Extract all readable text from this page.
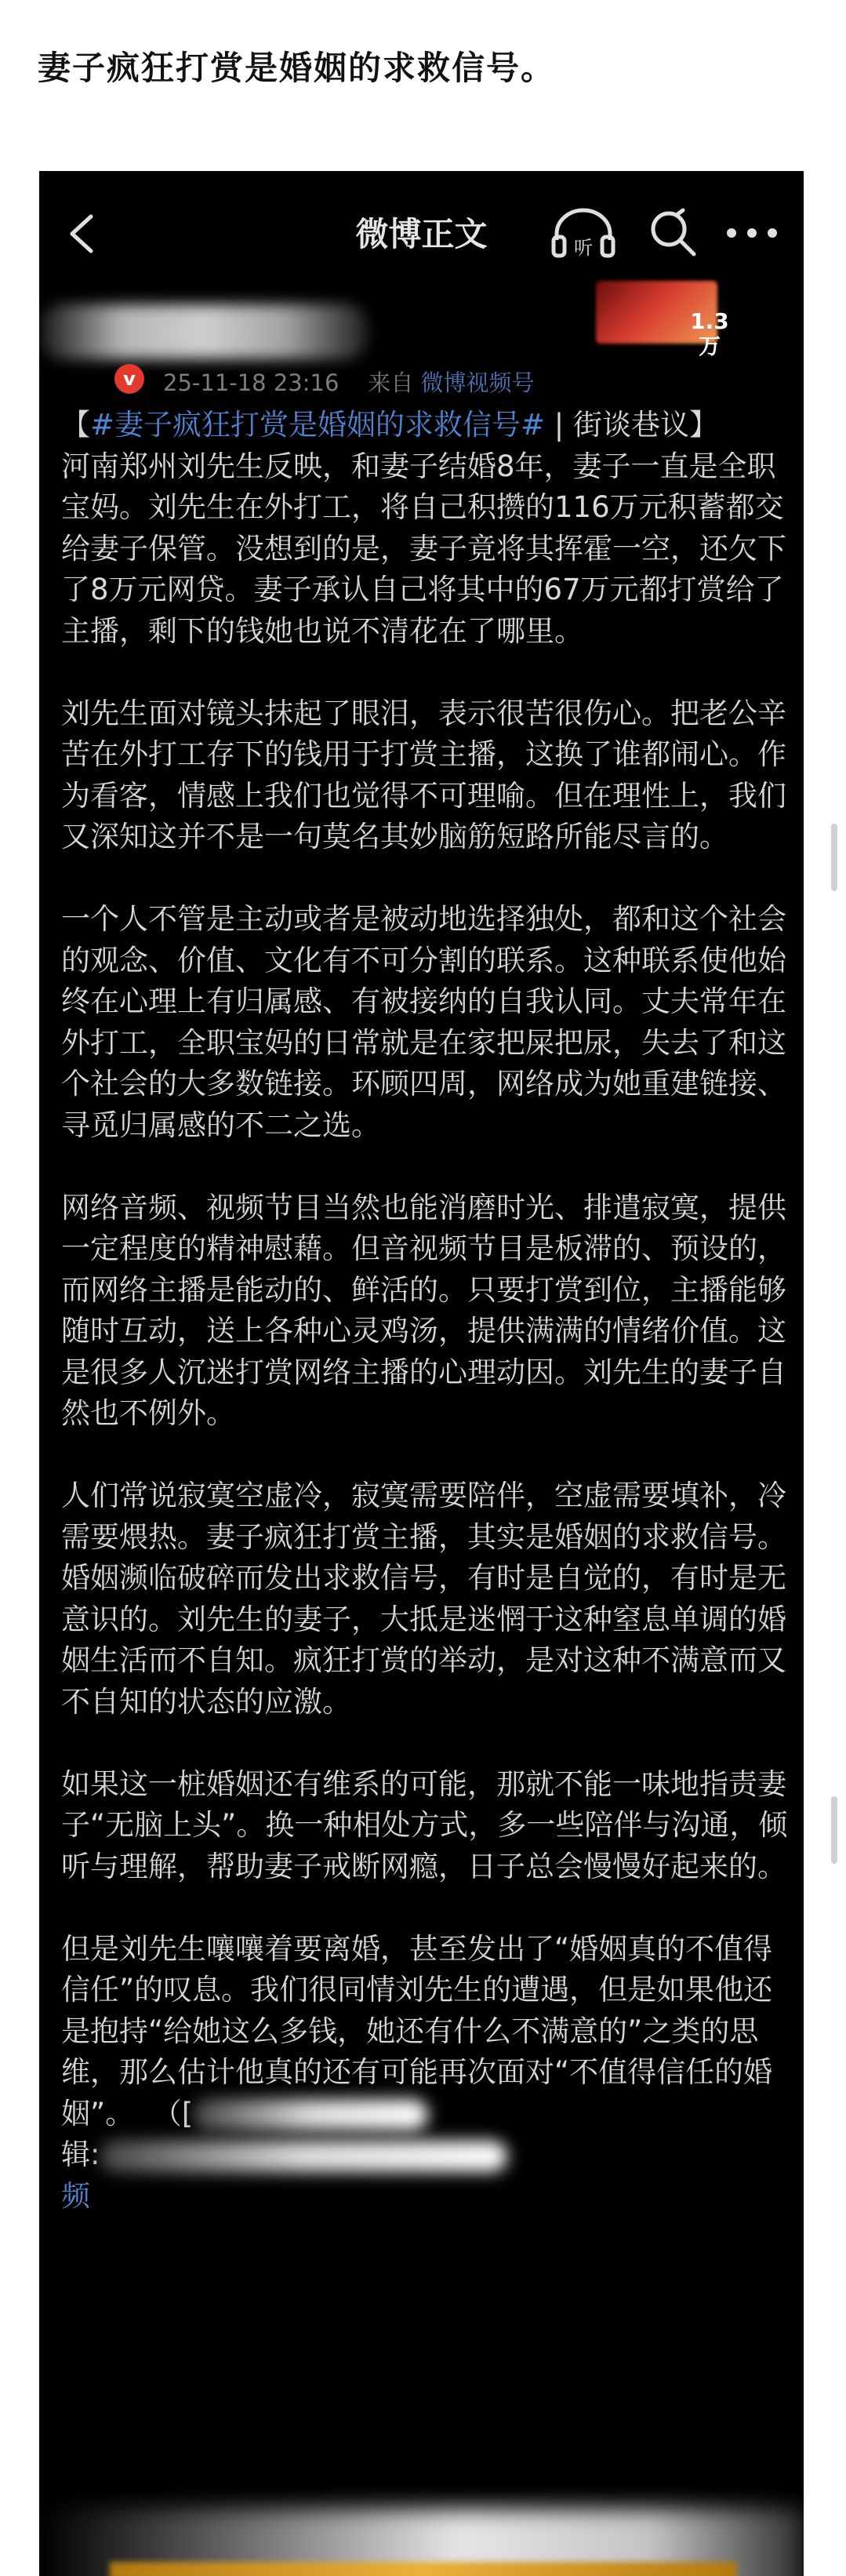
妻子疯狂打赏是婚姻的求救信号。
微博正文	听
v	25-11-18 23:16 来自 微博视频号
1.3万

【#妻子疯狂打赏是婚姻的求救信号# | 街谈巷议】
河南郑州刘先生反映，和妻子结婚8年，妻子一直是全职宝妈。刘先生在外打工，将自己积攒的116万元积蓄都交给妻子保管。没想到的是，妻子竟将其挥霍一空，还欠下了8万元网贷。妻子承认自己将其中的67万元都打赏给了主播，剩下的钱她也说不清花在了哪里。

刘先生面对镜头抹起了眼泪，表示很苦很伤心。把老公辛苦在外打工存下的钱用于打赏主播，这换了谁都闹心。作为看客，情感上我们也觉得不可理喻。但在理性上，我们又深知这并不是一句莫名其妙脑筋短路所能尽言的。

一个人不管是主动或者是被动地选择独处，都和这个社会的观念、价值、文化有不可分割的联系。这种联系使他始终在心理上有归属感、有被接纳的自我认同。丈夫常年在外打工，全职宝妈的日常就是在家把屎把尿，失去了和这个社会的大多数链接。环顾四周，网络成为她重建链接、寻觅归属感的不二之选。

网络音频、视频节目当然也能消磨时光、排遣寂寞，提供一定程度的精神慰藉。但音视频节目是板滞的、预设的，而网络主播是能动的、鲜活的。只要打赏到位，主播能够随时互动，送上各种心灵鸡汤，提供满满的情绪价值。这是很多人沉迷打赏网络主播的心理动因。刘先生的妻子自然也不例外。

人们常说寂寞空虚冷，寂寞需要陪伴，空虚需要填补，冷需要煨热。妻子疯狂打赏主播，其实是婚姻的求救信号。婚姻濒临破碎而发出求救信号，有时是自觉的，有时是无意识的。刘先生的妻子，大抵是迷惘于这种窒息单调的婚姻生活而不自知。疯狂打赏的举动，是对这种不满意而又不自知的状态的应激。

如果这一桩婚姻还有维系的可能，那就不能一味地指责妻子“无脑上头”。换一种相处方式，多一些陪伴与沟通，倾听与理解，帮助妻子戒断网瘾，日子总会慢慢好起来的。

但是刘先生嚷嚷着要离婚，甚至发出了“婚姻真的不值得信任”的叹息。我们很同情刘先生的遭遇，但是如果他还是抱持“给她这么多钱，她还有什么不满意的”之类的思维，那么估计他真的还有可能再次面对“不值得信任的婚姻”。 （[
辑:
频
